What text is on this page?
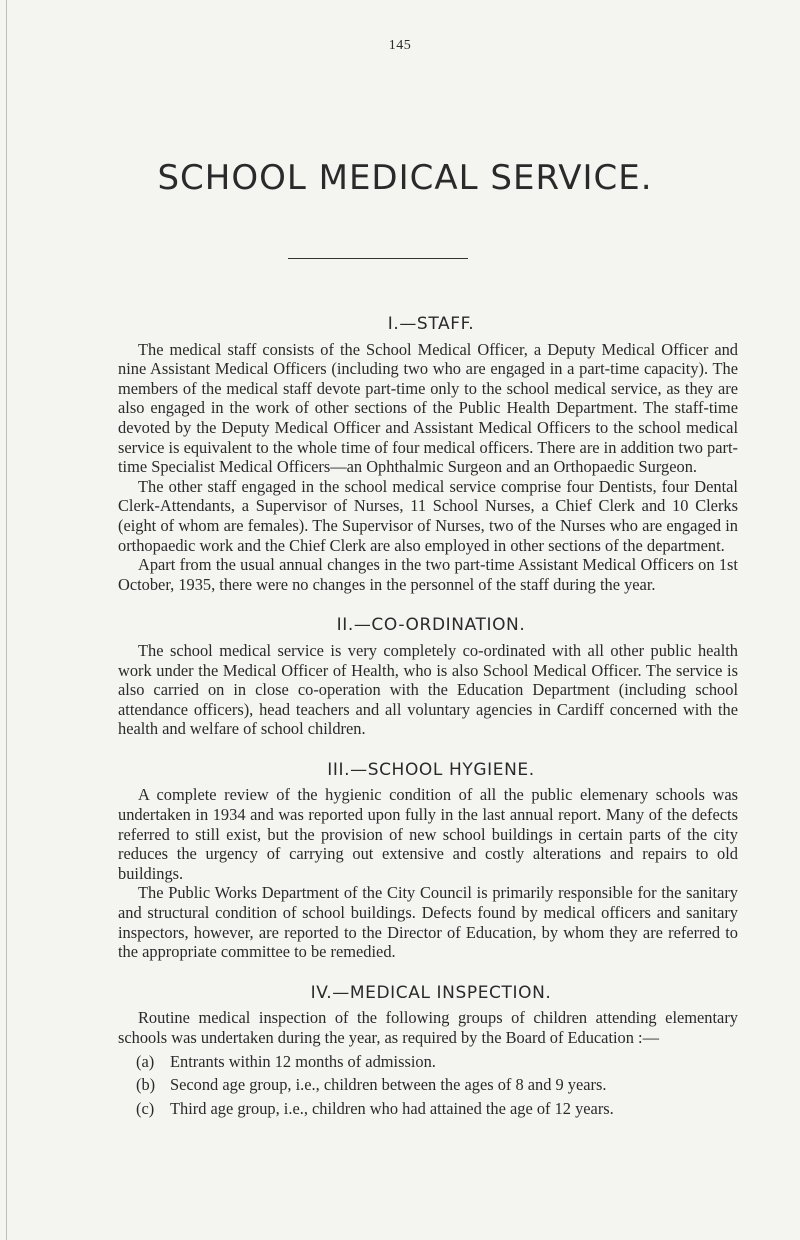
145
SCHOOL MEDICAL SERVICE.
I.—STAFF.

The medical staff consists of the School Medical Officer, a Deputy Medical Officer and nine Assistant Medical Officers (including two who are engaged in a part-time capacity). The members of the medical staff devote part-time only to the school medical service, as they are also engaged in the work of other sections of the Public Health Department. The staff-time devoted by the Deputy Medical Officer and Assistant Medical Officers to the school medical service is equivalent to the whole time of four medical officers. There are in addition two part-time Specialist Medical Officers—an Ophthalmic Surgeon and an Orthopaedic Surgeon.

The other staff engaged in the school medical service comprise four Dentists, four Dental Clerk-Attendants, a Supervisor of Nurses, 11 School Nurses, a Chief Clerk and 10 Clerks (eight of whom are females). The Supervisor of Nurses, two of the Nurses who are engaged in orthopaedic work and the Chief Clerk are also employed in other sections of the department.

Apart from the usual annual changes in the two part-time Assistant Medical Officers on 1st October, 1935, there were no changes in the personnel of the staff during the year.

II.—CO-ORDINATION.

The school medical service is very completely co-ordinated with all other public health work under the Medical Officer of Health, who is also School Medical Officer. The service is also carried on in close co-operation with the Education Department (including school attendance officers), head teachers and all voluntary agencies in Cardiff concerned with the health and welfare of school children.

III.—SCHOOL HYGIENE.

A complete review of the hygienic condition of all the public elemenary schools was undertaken in 1934 and was reported upon fully in the last annual report. Many of the defects referred to still exist, but the provision of new school buildings in certain parts of the city reduces the urgency of carrying out extensive and costly alterations and repairs to old buildings.

The Public Works Department of the City Council is primarily responsible for the sanitary and structural condition of school buildings. Defects found by medical officers and sanitary inspectors, however, are reported to the Director of Education, by whom they are referred to the appropriate committee to be remedied.

IV.—MEDICAL INSPECTION.

Routine medical inspection of the following groups of children attending elementary schools was undertaken during the year, as required by the Board of Education :—

(a) Entrants within 12 months of admission.
(b) Second age group, i.e., children between the ages of 8 and 9 years.
(c) Third age group, i.e., children who had attained the age of 12 years.
